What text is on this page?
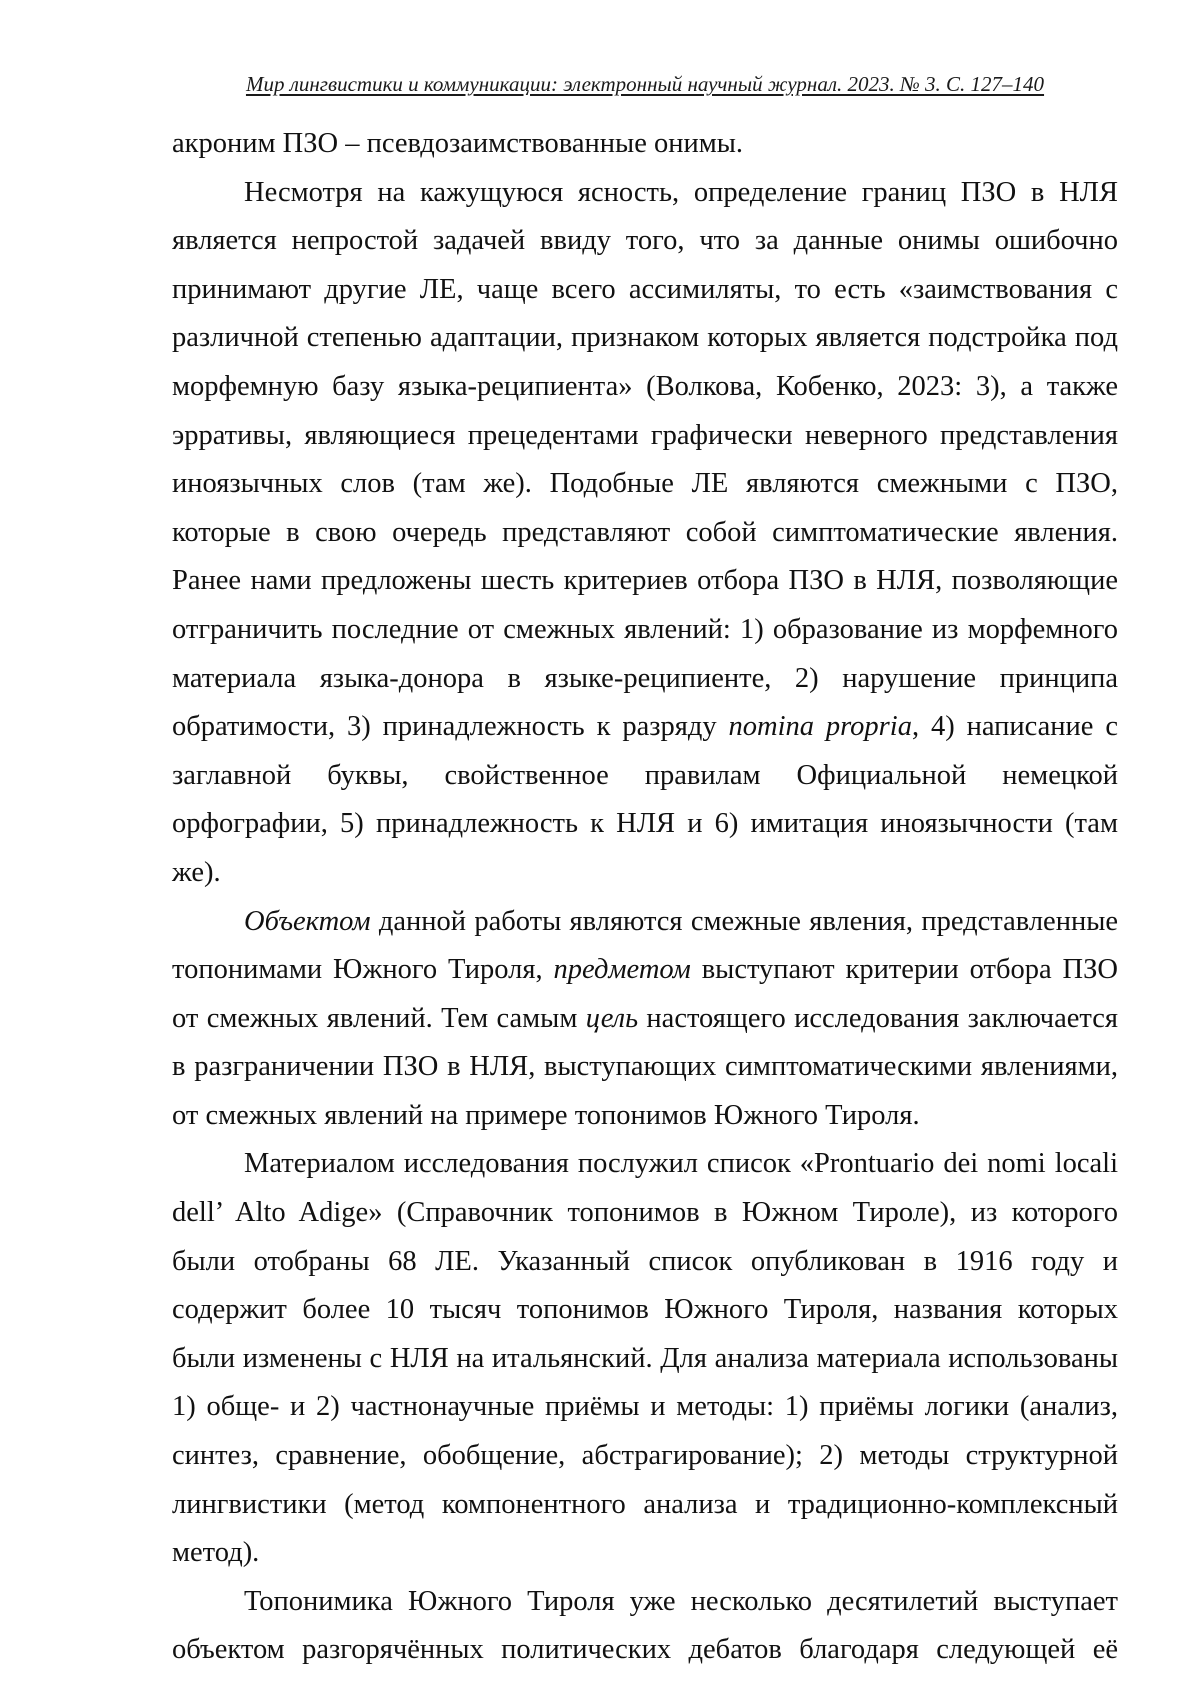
Мир лингвистики и коммуникации: электронный научный журнал. 2023. № 3. С. 127–140

акроним ПЗО – псевдозаимствованные онимы.

Несмотря на кажущуюся ясность, определение границ ПЗО в НЛЯ является непростой задачей ввиду того, что за данные онимы ошибочно принимают другие ЛЕ, чаще всего ассимиляты, то есть «заимствования с различной степенью адаптации, признаком которых является подстройка под морфемную базу языка-реципиента» (Волкова, Кобенко, 2023: 3), а также эрративы, являющиеся прецедентами графически неверного представления иноязычных слов (там же). Подобные ЛЕ являются смежными с ПЗО, которые в свою очередь представляют собой симптоматические явления. Ранее нами предложены шесть критериев отбора ПЗО в НЛЯ, позволяющие отграничить последние от смежных явлений: 1) образование из морфемного материала языка-донора в языке-реципиенте, 2) нарушение принципа обратимости, 3) принадлежность к разряду nomina propria, 4) написание с заглавной буквы, свойственное правилам Официальной немецкой орфографии, 5) принадлежность к НЛЯ и 6) имитация иноязычности (там же).

Объектом данной работы являются смежные явления, представленные топонимами Южного Тироля, предметом выступают критерии отбора ПЗО от смежных явлений. Тем самым цель настоящего исследования заключается в разграничении ПЗО в НЛЯ, выступающих симптоматическими явлениями, от смежных явлений на примере топонимов Южного Тироля.

Материалом исследования послужил список «Prontuario dei nomi locali dell’ Alto Adige» (Справочник топонимов в Южном Тироле), из которого были отобраны 68 ЛЕ. Указанный список опубликован в 1916 году и содержит более 10 тысяч топонимов Южного Тироля, названия которых были изменены с НЛЯ на итальянский. Для анализа материала использованы 1) обще- и 2) частнонаучные приёмы и методы: 1) приёмы логики (анализ, синтез, сравнение, обобщение, абстрагирование); 2) методы структурной лингвистики (метод компонентного анализа и традиционно-комплексный метод).

Топонимика Южного Тироля уже несколько десятилетий выступает объектом разгорячённых политических дебатов благодаря следующей её
